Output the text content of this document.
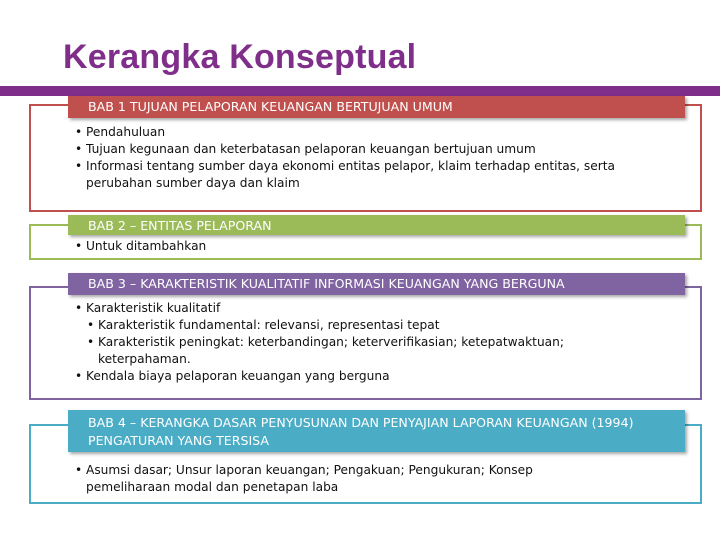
Kerangka Konseptual
BAB 1 TUJUAN PELAPORAN KEUANGAN BERTUJUAN UMUM
• Pendahuluan
• Tujuan kegunaan dan keterbatasan pelaporan keuangan bertujuan umum
• Informasi tentang sumber daya ekonomi entitas pelapor, klaim terhadap entitas, serta perubahan sumber daya dan klaim
BAB 2 – ENTITAS PELAPORAN
• Untuk ditambahkan
BAB 3 – KARAKTERISTIK KUALITATIF INFORMASI KEUANGAN YANG BERGUNA
• Karakteristik kualitatif
• Karakteristik fundamental: relevansi, representasi tepat
• Karakteristik peningkat: keterbandingan; keterverifikasian; ketepatwaktuan; keterpahaman.
• Kendala biaya pelaporan keuangan yang berguna
BAB 4 – KERANGKA DASAR PENYUSUNAN DAN PENYAJIAN LAPORAN KEUANGAN (1994) PENGATURAN YANG TERSISA
• Asumsi dasar; Unsur laporan keuangan; Pengakuan; Pengukuran; Konsep pemeliharaan modal dan penetapan laba
